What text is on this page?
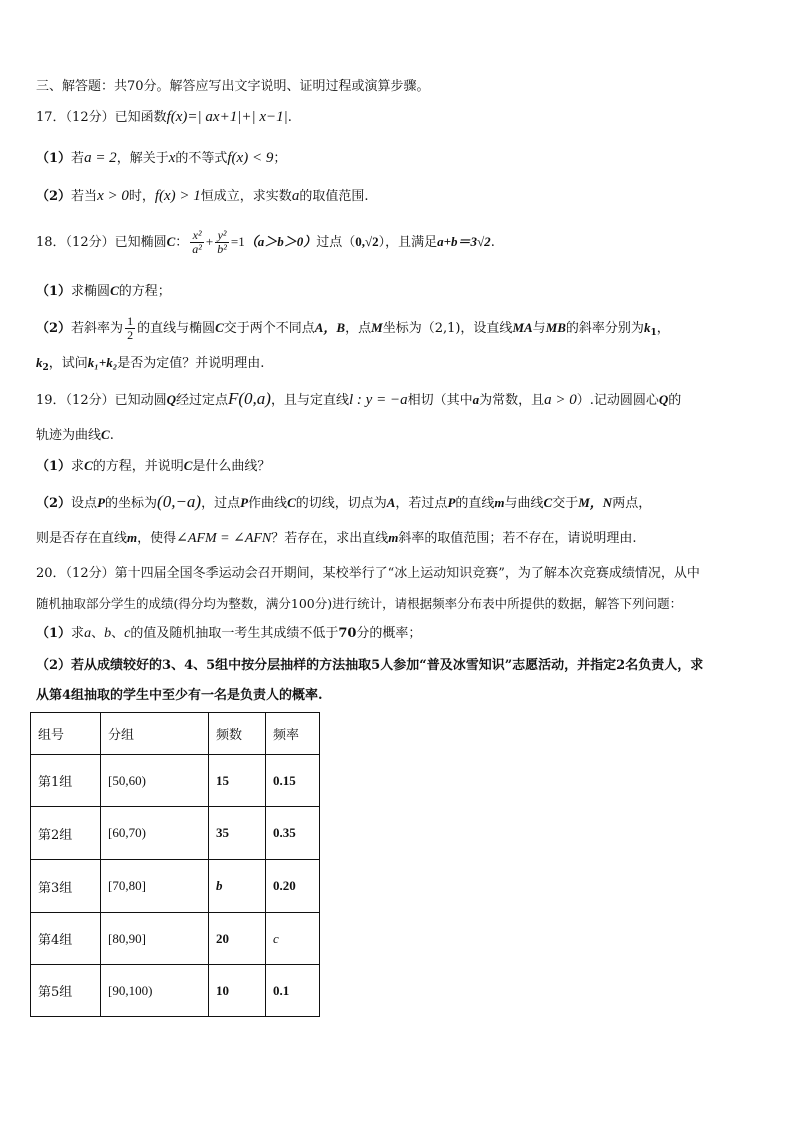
三、解答题：共70分。解答应写出文字说明、证明过程或演算步骤。
17．（12分）已知函数f(x)=| ax+1|+| x−1|.
（1）若a = 2，解关于x的不等式f(x) < 9；
（2）若当x > 0时，f(x) > 1恒成立，求实数a的取值范围.
18．（12分）已知椭圆C： $\frac{\text{x²}}{\text{a²}} + \frac{\text{y²}}{\text{b²}} =1(a>b>0)$过点（0,√2），且满足a+b＝3√2.
（1）求椭圆C的方程；
（2）若斜率为 $\frac{1}{2}$ 的直线与椭圆C交于两个不同点A，B，点M坐标为（2,1)，设直线MA与MB的斜率分别为$k_1$，
$k_2$，试问k₁+k₂是否为定值？并说明理由.
19．（12分）已知动圆Q经过定点F(0,a)，且与定直线l : y = −a相切（其中a为常数，且a > 0）.记动圆圆心Q的
轨迹为曲线C.
（1）求C的方程，并说明C是什么曲线？
（2）设点P的坐标为(0,−a)，过点P作曲线C的切线，切点为A，若过点P的直线m与曲线C交于M，N两点，
则是否存在直线m，使得∠AFM = ∠AFN？若存在，求出直线m斜率的取值范围；若不存在，请说明理由.
20．（12分）第十四届全国冬季运动会召开期间，某校举行了“冰上运动知识竞赛”，为了解本次竞赛成绩情况，从中
随机抽取部分学生的成绩(得分均为整数，满分100分)进行统计，请根据频率分布表中所提供的数据，解答下列问题：
（1）求a、b、c的值及随机抽取一考生其成绩不低于70分的概率；
（2）若从成绩较好的3、4、5组中按分层抽样的方法抽取5人参加“普及冰雪知识”志愿活动，并指定2名负责人，求
从第4组抽取的学生中至少有一名是负责人的概率.
组号	分组	频数	频率
第1组	[50,60)	15	0.15
第2组	[60,70)	35	0.35
第3组	[70,80]	b	0.20
第4组	[80,90]	20	c
第5组	[90,100)	10	0.1
